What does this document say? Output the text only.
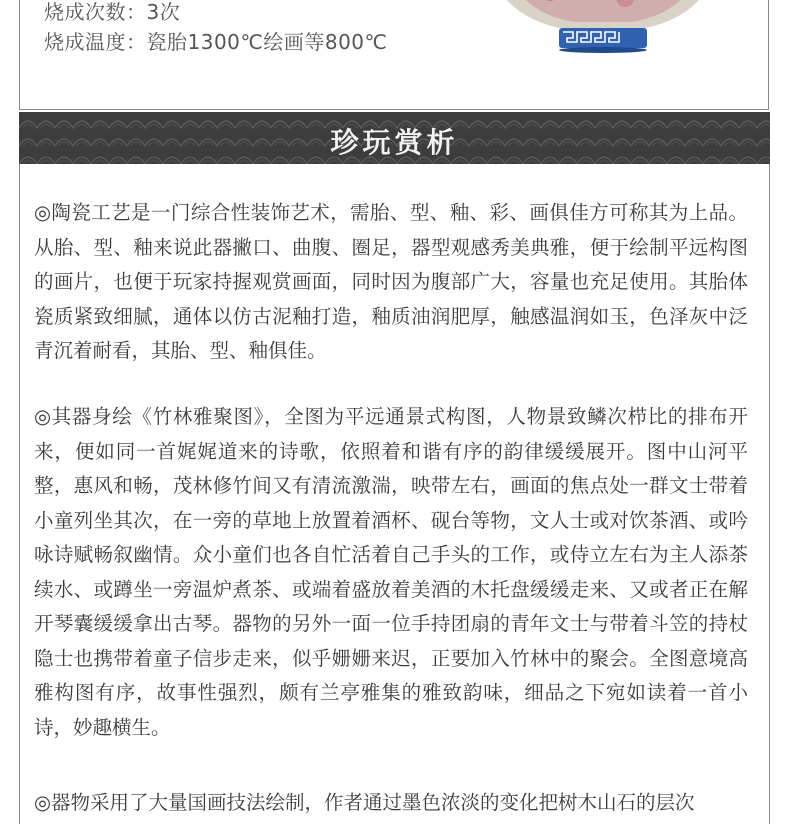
烧成次数：3次
烧成温度：瓷胎1300℃绘画等800℃
珍玩赏析

◎陶瓷工艺是一门综合性装饰艺术，需胎、型、釉、彩、画俱佳方可称其为上品。从胎、型、釉来说此器撇口、曲腹、圈足，器型观感秀美典雅，便于绘制平远构图的画片，也便于玩家持握观赏画面，同时因为腹部广大，容量也充足使用。其胎体瓷质紧致细腻，通体以仿古泥釉打造，釉质油润肥厚，触感温润如玉，色泽灰中泛青沉着耐看，其胎、型、釉俱佳。

◎其器身绘《竹林雅聚图》，全图为平远通景式构图，人物景致鳞次栉比的排布开来，便如同一首娓娓道来的诗歌，依照着和谐有序的韵律缓缓展开。图中山河平整，惠风和畅，茂林修竹间又有清流激湍，映带左右，画面的焦点处一群文士带着小童列坐其次，在一旁的草地上放置着酒杯、砚台等物，文人士或对饮茶酒、或吟咏诗赋畅叙幽情。众小童们也各自忙活着自己手头的工作，或侍立左右为主人添茶续水、或蹲坐一旁温炉煮茶、或端着盛放着美酒的木托盘缓缓走来、又或者正在解开琴囊缓缓拿出古琴。器物的另外一面一位手持团扇的青年文士与带着斗笠的持杖隐士也携带着童子信步走来，似乎姗姗来迟，正要加入竹林中的聚会。全图意境高雅构图有序，故事性强烈，颇有兰亭雅集的雅致韵味，细品之下宛如读着一首小诗，妙趣横生。

◎器物采用了大量国画技法绘制，作者通过墨色浓淡的变化把树木山石的层次
